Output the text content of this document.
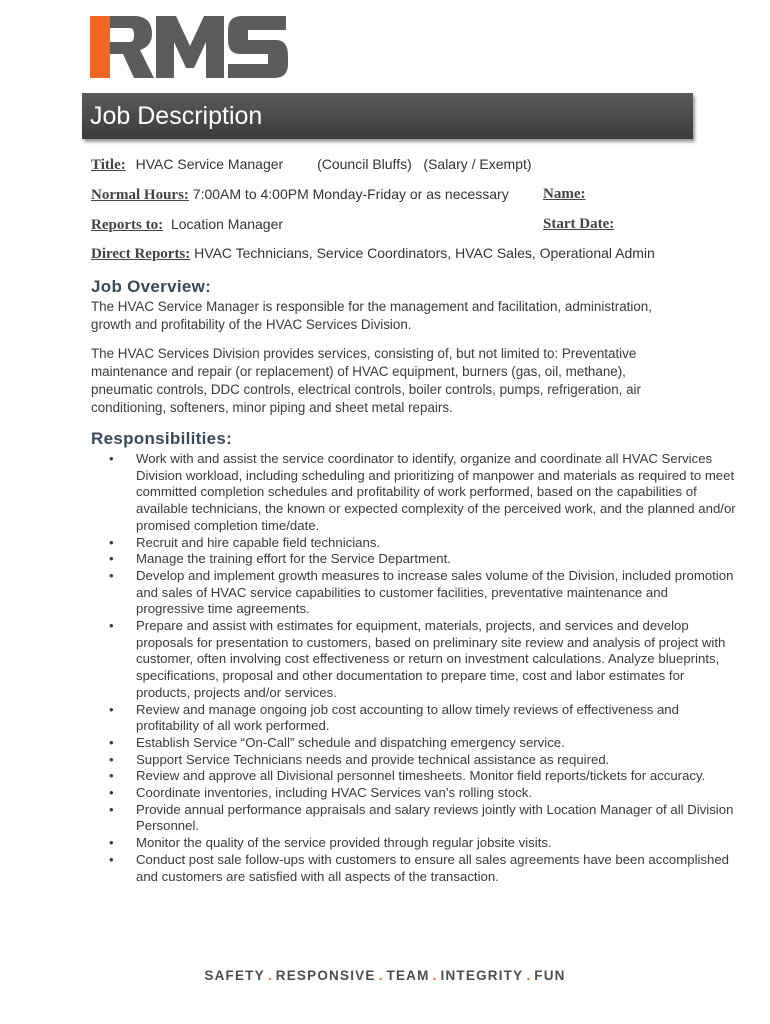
Job Description
Title: HVAC Service Manager (Council Bluffs)   (Salary / Exempt)
Normal Hours: 7:00AM to 4:00PM Monday-Friday or as necessary Name:
Reports to: Location Manager	Start Date:
Direct Reports: HVAC Technicians, Service Coordinators, HVAC Sales, Operational Admin
Job Overview:

The HVAC Service Manager is responsible for the management and facilitation, administration, growth and profitability of the HVAC Services Division.

The HVAC Services Division provides services, consisting of, but not limited to: Preventative maintenance and repair (or replacement) of HVAC equipment, burners (gas, oil, methane), pneumatic controls, DDC controls, electrical controls, boiler controls, pumps, refrigeration, air conditioning, softeners, minor piping and sheet metal repairs.

Responsibilities:
• Work with and assist the service coordinator to identify, organize and coordinate all HVAC Services Division workload, including scheduling and prioritizing of manpower and materials as required to meet committed completion schedules and profitability of work performed, based on the capabilities of available technicians, the known or expected complexity of the perceived work, and the planned and/or promised completion time/date.
• Recruit and hire capable field technicians.
• Manage the training effort for the Service Department.
• Develop and implement growth measures to increase sales volume of the Division, included promotion and sales of HVAC service capabilities to customer facilities, preventative maintenance and progressive time agreements.
• Prepare and assist with estimates for equipment, materials, projects, and services and develop proposals for presentation to customers, based on preliminary site review and analysis of project with customer, often involving cost effectiveness or return on investment calculations. Analyze blueprints, specifications, proposal and other documentation to prepare time, cost and labor estimates for products, projects and/or services.
• Review and manage ongoing job cost accounting to allow timely reviews of effectiveness and profitability of all work performed.
• Establish Service “On-Call” schedule and dispatching emergency service.
• Support Service Technicians needs and provide technical assistance as required.
• Review and approve all Divisional personnel timesheets. Monitor field reports/tickets for accuracy.
• Coordinate inventories, including HVAC Services van’s rolling stock.
• Provide annual performance appraisals and salary reviews jointly with Location Manager of all Division Personnel.
• Monitor the quality of the service provided through regular jobsite visits.
• Conduct post sale follow-ups with customers to ensure all sales agreements have been accomplished and customers are satisfied with all aspects of the transaction.
SAFETY . RESPONSIVE . TEAM . INTEGRITY . FUN
